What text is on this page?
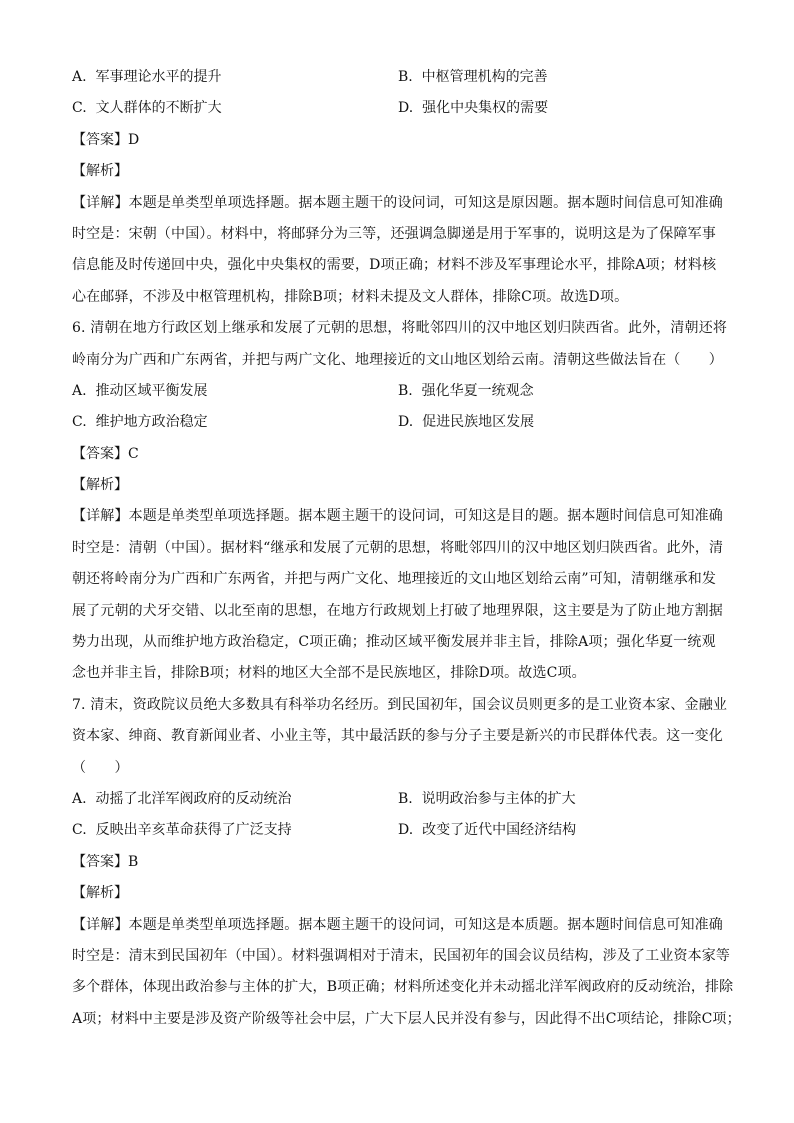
A. 军事理论水平的提升	B. 中枢管理机构的完善
C. 文人群体的不断扩大	D. 强化中央集权的需要
【答案】D
【解析】
【详解】本题是单类型单项选择题。据本题主题干的设问词，可知这是原因题。据本题时间信息可知准确
时空是：宋朝（中国）。材料中，将邮驿分为三等，还强调急脚递是用于军事的，说明这是为了保障军事
信息能及时传递回中央，强化中央集权的需要，D项正确；材料不涉及军事理论水平，排除A项；材料核
心在邮驿，不涉及中枢管理机构，排除B项；材料未提及文人群体，排除C项。故选D项。
6. 清朝在地方行政区划上继承和发展了元朝的思想，将毗邻四川的汉中地区划归陕西省。此外，清朝还将
岭南分为广西和广东两省，并把与两广文化、地理接近的文山地区划给云南。清朝这些做法旨在（　　）
A. 推动区域平衡发展	B. 强化华夏一统观念
C. 维护地方政治稳定	D. 促进民族地区发展
【答案】C
【解析】
【详解】本题是单类型单项选择题。据本题主题干的设问词，可知这是目的题。据本题时间信息可知准确
时空是：清朝（中国）。据材料“继承和发展了元朝的思想，将毗邻四川的汉中地区划归陕西省。此外，清
朝还将岭南分为广西和广东两省，并把与两广文化、地理接近的文山地区划给云南”可知，清朝继承和发
展了元朝的犬牙交错、以北至南的思想，在地方行政规划上打破了地理界限，这主要是为了防止地方割据
势力出现，从而维护地方政治稳定，C项正确；推动区域平衡发展并非主旨，排除A项；强化华夏一统观
念也并非主旨，排除B项；材料的地区大全部不是民族地区，排除D项。故选C项。
7. 清末，资政院议员绝大多数具有科举功名经历。到民国初年，国会议员则更多的是工业资本家、金融业
资本家、绅商、教育新闻业者、小业主等，其中最活跃的参与分子主要是新兴的市民群体代表。这一变化
（　　）
A. 动摇了北洋军阀政府的反动统治	B. 说明政治参与主体的扩大
C. 反映出辛亥革命获得了广泛支持	D. 改变了近代中国经济结构
【答案】B
【解析】
【详解】本题是单类型单项选择题。据本题主题干的设问词，可知这是本质题。据本题时间信息可知准确
时空是：清末到民国初年（中国）。材料强调相对于清末，民国初年的国会议员结构，涉及了工业资本家等
多个群体，体现出政治参与主体的扩大，B项正确；材料所述变化并未动摇北洋军阀政府的反动统治，排除
A项；材料中主要是涉及资产阶级等社会中层，广大下层人民并没有参与，因此得不出C项结论，排除C项；
